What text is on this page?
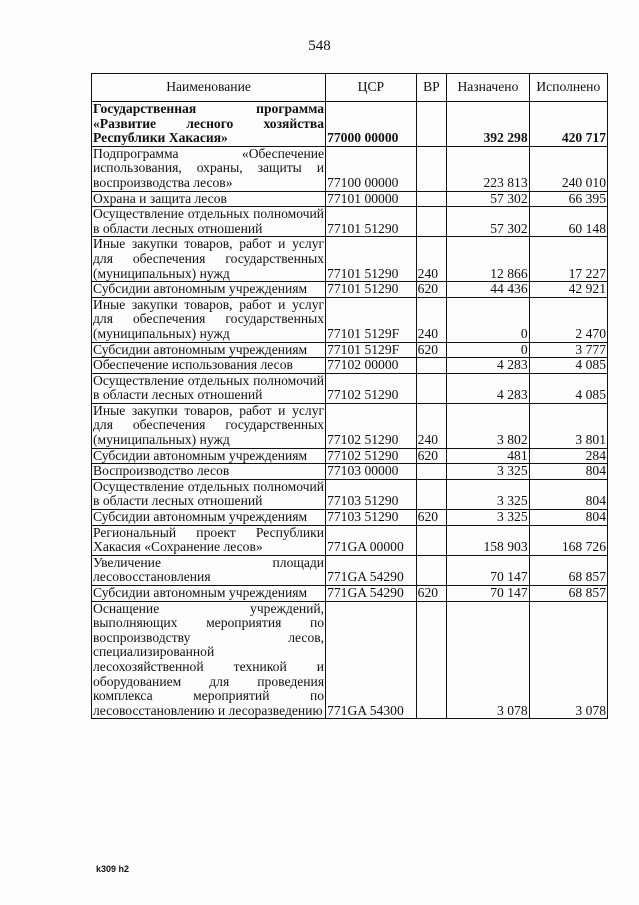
548
Наименование	ЦСР	ВР	Назначено	Исполнено
Государственная программа «Развитие лесного хозяйства Республики Хакасия»	77000 00000		392 298	420 717
Подпрограмма «Обеспечение использования, охраны, защиты и воспроизводства лесов»	77100 00000		223 813	240 010
Охрана и защита лесов	77101 00000		57 302	66 395
Осуществление отдельных полномочий в области лесных отношений	77101 51290		57 302	60 148
Иные закупки товаров, работ и услуг для обеспечения государственных (муниципальных) нужд	77101 51290	240	12 866	17 227
Субсидии автономным учреждениям	77101 51290	620	44 436	42 921
Иные закупки товаров, работ и услуг для обеспечения государственных (муниципальных) нужд	77101 5129F	240	0	2 470
Субсидии автономным учреждениям	77101 5129F	620	0	3 777
Обеспечение использования лесов	77102 00000		4 283	4 085
Осуществление отдельных полномочий в области лесных отношений	77102 51290		4 283	4 085
Иные закупки товаров, работ и услуг для обеспечения государственных (муниципальных) нужд	77102 51290	240	3 802	3 801
Субсидии автономным учреждениям	77102 51290	620	481	284
Воспроизводство лесов	77103 00000		3 325	804
Осуществление отдельных полномочий в области лесных отношений	77103 51290		3 325	804
Субсидии автономным учреждениям	77103 51290	620	3 325	804
Региональный проект Республики Хакасия «Сохранение лесов»	771GA 00000		158 903	168 726
Увеличение площади лесовосстановления	771GA 54290		70 147	68 857
Субсидии автономным учреждениям	771GA 54290	620	70 147	68 857
Оснащение учреждений, выполняющих мероприятия по воспроизводству лесов, специализированной лесохозяйственной техникой и оборудованием для проведения комплекса мероприятий по лесовосстановлению и лесоразведению	771GA 54300		3 078	3 078
k309 h2
